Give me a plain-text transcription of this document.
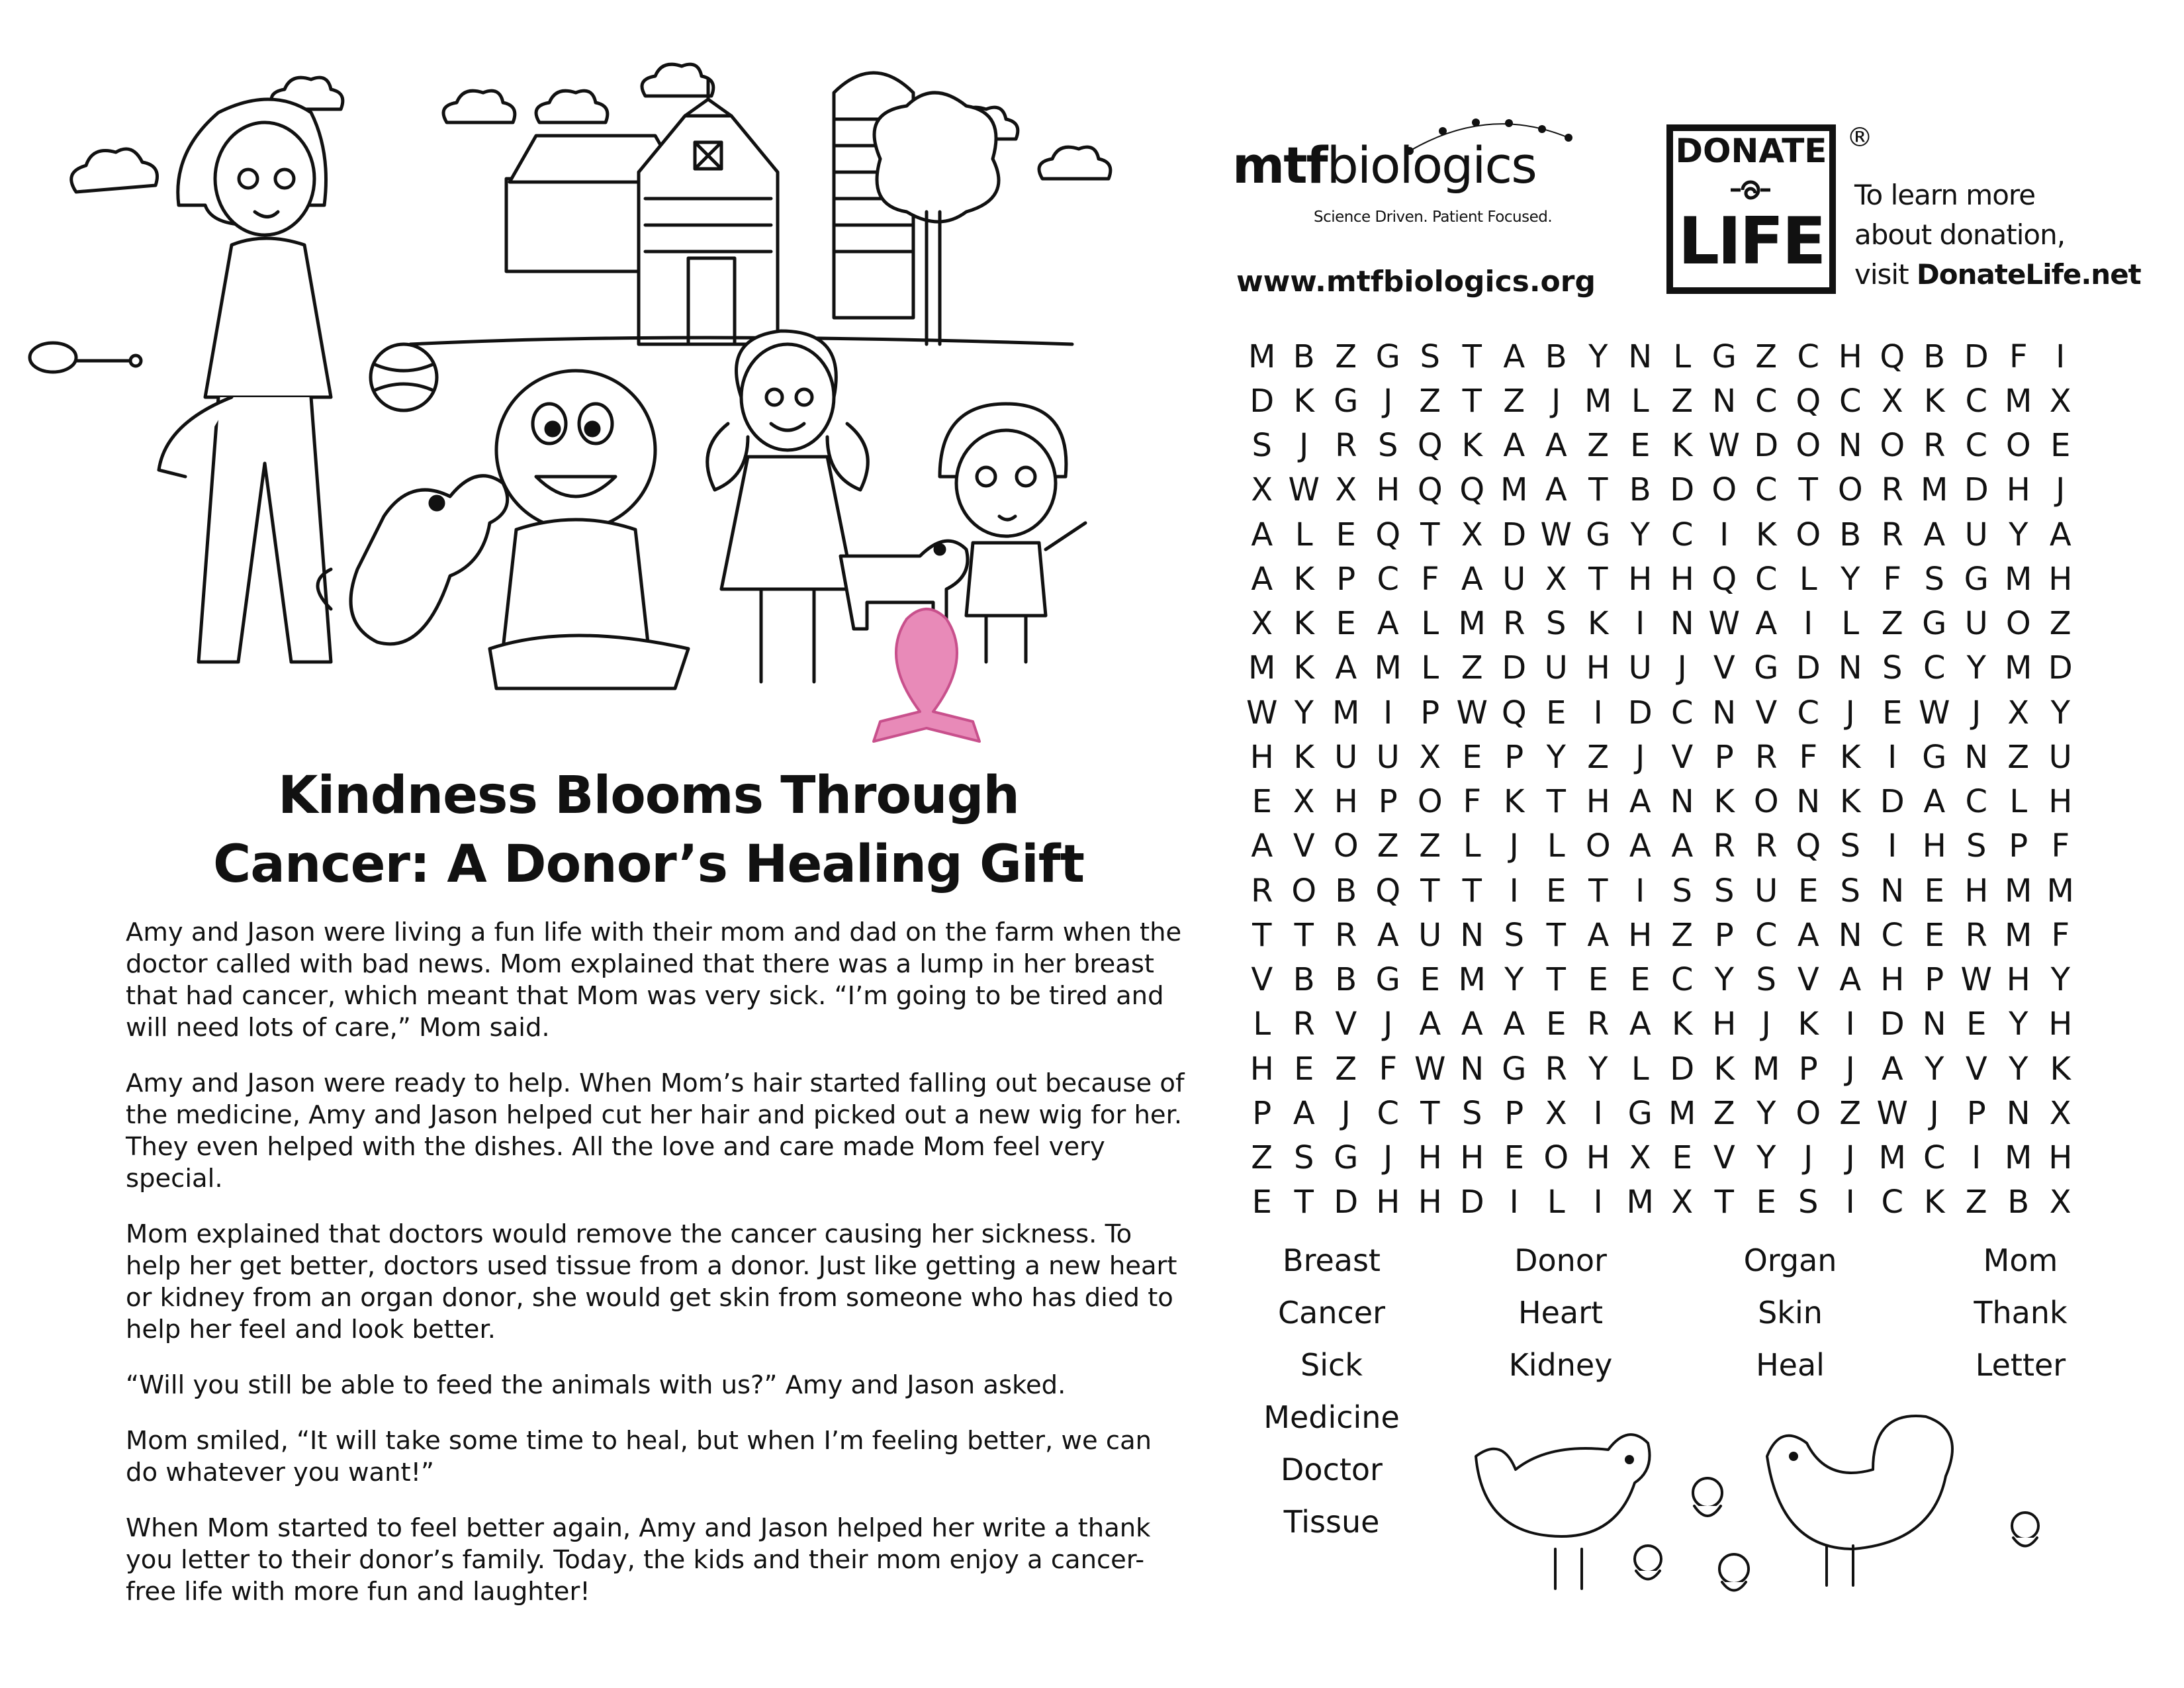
Kindness Blooms Through
Cancer: A Donor’s Healing Gift

Amy and Jason were living a fun life with their mom and dad on the farm when the doctor called with bad news. Mom explained that there was a lump in her breast that had cancer, which meant that Mom was very sick. “I’m going to be tired and will need lots of care,” Mom said.

Amy and Jason were ready to help. When Mom’s hair started falling out because of the medicine, Amy and Jason helped cut her hair and picked out a new wig for her. They even helped with the dishes. All the love and care made Mom feel very special.

Mom explained that doctors would remove the cancer causing her sickness. To help her get better, doctors used tissue from a donor. Just like getting a new heart or kidney from an organ donor, she would get skin from someone who has died to help her feel and look better.

“Will you still be able to feed the animals with us?” Amy and Jason asked.

Mom smiled, “It will take some time to heal, but when I’m feeling better, we can do whatever you want!”

When Mom started to feel better again, Amy and Jason helped her write a thank you letter to their donor’s family. Today, the kids and their mom enjoy a cancer-free life with more fun and laughter!

mtfbiologics
Science Driven. Patient Focused.
www.mtfbiologics.org
DONATE
LIFE
®
To learn more
about donation,
visit DonateLife.net
M B Z G S T A B Y N L G Z C H Q B D F I
D K G J Z T Z J M L Z N C Q C X K C M X
S J R S Q K A A Z E K W D O N O R C O E
X W X H Q Q M A T B D O C T O R M D H J
A L E Q T X D W G Y C I K O B R A U Y A
A K P C F A U X T H H Q C L Y F S G M H
X K E A L M R S K I N W A I L Z G U O Z
M K A M L Z D U H U J V G D N S C Y M D
W Y M I P W Q E I D C N V C J E W J X Y
H K U U X E P Y Z J V P R F K I G N Z U
E X H P O F K T H A N K O N K D A C L H
A V O Z Z L J L O A A R R Q S I H S P F
R O B Q T T I E T I S S U E S N E H M M
T T R A U N S T A H Z P C A N C E R M F
V B B G E M Y T E E C Y S V A H P W H Y
L R V J A A A E R A K H J K I D N E Y H
H E Z F W N G R Y L D K M P J A Y V Y K
P A J C T S P X I G M Z Y O Z W J P N X
Z S G J H H E O H X E V Y J	J M C I M H
E T D H H D I L I M X T E S I C K Z B X
Breast
Cancer
Sick
Medicine
Doctor
Tissue
Donor
Heart
Kidney
Organ
Skin
Heal
Mom
Thank
Letter
